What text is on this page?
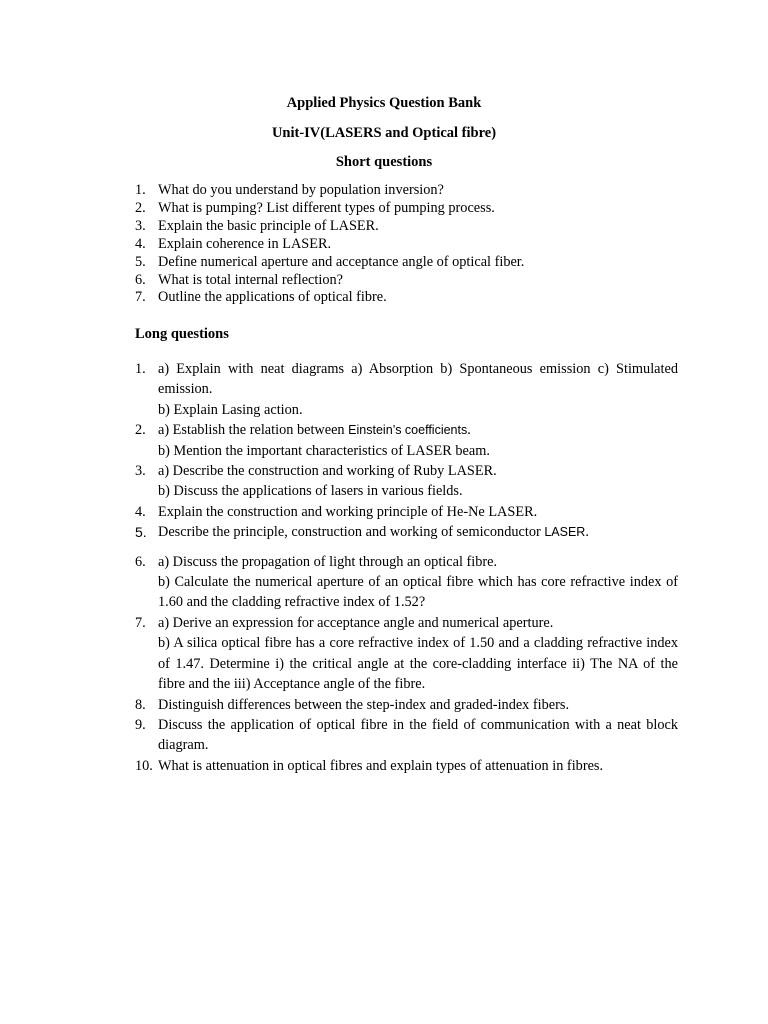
Applied Physics Question Bank
Unit-IV(LASERS and Optical fibre)
Short questions
1. What do you understand by population inversion?
2. What is pumping? List different types of pumping process.
3. Explain the basic principle of LASER.
4. Explain coherence in LASER.
5. Define numerical aperture and acceptance angle of optical fiber.
6. What is total internal reflection?
7. Outline the applications of optical fibre.
Long questions
1. a) Explain with neat diagrams a) Absorption b) Spontaneous emission c) Stimulated emission.
b) Explain Lasing action.
2. a) Establish the relation between Einstein’s coefficients.
b) Mention the important characteristics of LASER beam.
3. a) Describe the construction and working of Ruby LASER.
b) Discuss the applications of lasers in various fields.
4. Explain the construction and working principle of He-Ne LASER.
5. Describe the principle, construction and working of semiconductor LASER.
6. a) Discuss the propagation of light through an optical fibre.
b) Calculate the numerical aperture of an optical fibre which has core refractive index of 1.60 and the cladding refractive index of 1.52?
7. a) Derive an expression for acceptance angle and numerical aperture.
b) A silica optical fibre has a core refractive index of 1.50 and a cladding refractive index of 1.47. Determine i) the critical angle at the core-cladding interface ii) The NA of the fibre and the iii) Acceptance angle of the fibre.
8. Distinguish differences between the step-index and graded-index fibers.
9. Discuss the application of optical fibre in the field of communication with a neat block diagram.
10. What is attenuation in optical fibres and explain types of attenuation in fibres.
